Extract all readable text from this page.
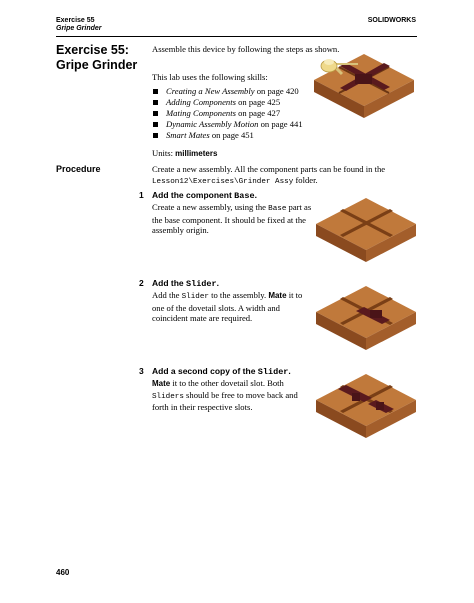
Exercise 55
Gripe Grinder
SOLIDWORKS
Exercise 55:
Gripe Grinder
Assemble this device by following the steps as shown.
This lab uses the following skills:
Creating a New Assembly on page 420
Adding Components on page 425
Mating Components on page 427
Dynamic Assembly Motion on page 441
Smart Mates on page 451
Units: millimeters
Procedure	Create a new assembly. All the component parts can be found in the Lesson12\Exercises\Grinder Assy folder.
1 Add the component Base.
Create a new assembly, using the Base part as the base component. It should be fixed at the assembly origin.
2 Add the Slider.
Add the Slider to the assembly. Mate it to one of the dovetail slots. A width and coincident mate are required.
3 Add a second copy of the Slider.
Mate it to the other dovetail slot. Both Sliders should be free to move back and forth in their respective slots.
460
